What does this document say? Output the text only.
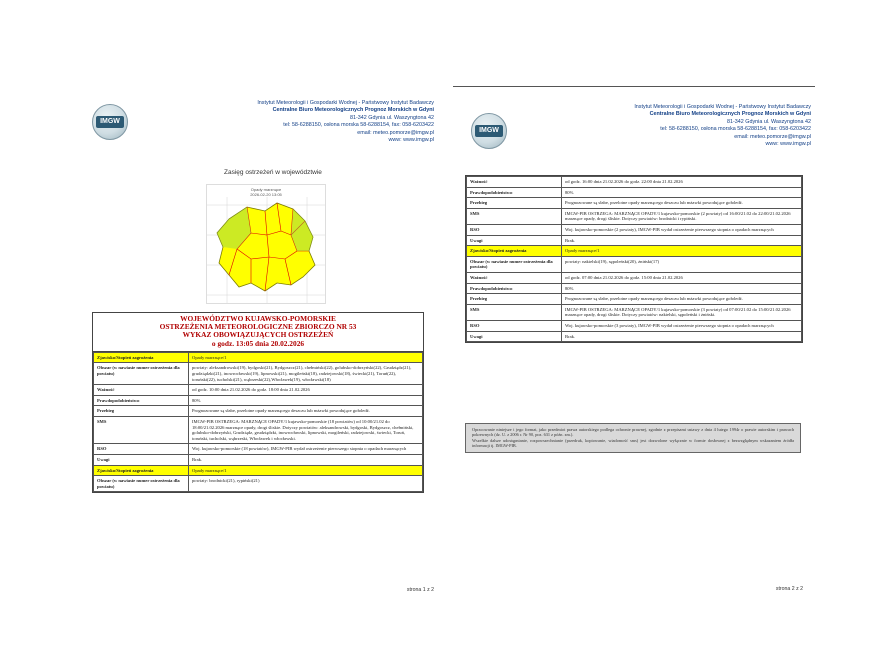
IMGW
Instytut Meteorologii i Gospodarki Wodnej - Państwowy Instytut Badawczy
Centralne Biuro Meteorologicznych Prognoz Morskich w Gdyni
81-342 Gdynia ul. Waszyngtona 42
tel: 58-6288150, osłona morska 58-6288154, fax: 058-6203422
email: meteo.pomorze@imgw.pl
www: www.imgw.pl
Zasięg ostrzeżeń w województwie
Opady marznące
2026-02-20 13:05
WOJEWÓDZTWO KUJAWSKO-POMORSKIE
OSTRZEŻENIA METEOROLOGICZNE ZBIORCZO NR 53
WYKAZ OBOWIĄZUJĄCYCH OSTRZEŻEŃ
o godz. 13:05 dnia 20.02.2026
Zjawisko/Stopień zagrożenia	Opady marznące/1
Obszar (w nawiasie numer ostrzeżenia dla powiatu)	powiaty: aleksandrowski(19), bydgoski(21), Bydgoszcz(21), chełmiński(22), golubsko-dobrzyński(22), Grudziądz(21), grudziądzki(21), inowrocławski(19), lipnowski(21), mogileński(18), radziejowski(18), świecki(21), Toruń(22), toruński(22), tucholski(21), wąbrzeski(22),Włocławek(19), włocławski(18)
Ważność	od godz. 10:00 dnia 21.02.2026 do godz. 18:00 dnia 21.02.2026
Prawdopodobieństwo	80%
Przebieg	Prognozowane są słabe, przelotne opady marznącego deszczu lub mżawki powodujące gołoledź.
SMS	IMGW-PIB OSTRZEGA: MARZNĄCE OPADY/1 kujawsko-pomorskie (18 powiatów) od 10:00/21.02 do 18:00/21.02.2026 marznące opady, drogi śliskie. Dotyczy powiatów: aleksandrowski, bydgoski, Bydgoszcz, chełmiński, golubsko-dobrzyński, Grudziądz, grudziądzki, inowrocławski, lipnowski, mogileński, radziejowski, świecki, Toruń, toruński, tucholski, wąbrzeski, Włocławek i włocławski.
RSO	Woj. kujawsko-pomorskie (18 powiatów), IMGW-PIB wydał ostrzeżenie pierwszego stopnia o opadach marznących
Uwagi	Brak.
Zjawisko/Stopień zagrożenia	Opady marznące/1
Obszar (w nawiasie numer ostrzeżenia dla powiatu)	powiaty: brodnicki(21), rypiński(21)
strona 1 z 2
IMGW
Instytut Meteorologii i Gospodarki Wodnej - Państwowy Instytut Badawczy
Centralne Biuro Meteorologicznych Prognoz Morskich w Gdyni
81-342 Gdynia ul. Waszyngtona 42
tel: 58-6288150, osłona morska 58-6288154, fax: 058-6203422
email: meteo.pomorze@imgw.pl
www: www.imgw.pl
Ważność	od godz. 16:00 dnia 21.02.2026 do godz. 22:00 dnia 21.02.2026
Prawdopodobieństwo	80%
Przebieg	Prognozowane są słabe, przelotne opady marznącego deszczu lub mżawki powodujące gołoledź.
SMS	IMGW-PIB OSTRZEGA: MARZNĄCE OPADY/1 kujawsko-pomorskie (2 powiaty) od 16:00/21.02 do 22:00/21.02.2026 marznące opady, drogi śliskie. Dotyczy powiatów: brodnicki i rypiński.
RSO	Woj. kujawsko-pomorskie (2 powiaty), IMGW-PIB wydał ostrzeżenie pierwszego stopnia o opadach marznących
Uwagi	Brak.
Zjawisko/Stopień zagrożenia	Opady marznące/1
Obszar (w nawiasie numer ostrzeżenia dla powiatu)	powiaty: nakielski(19), sępoleński(20), żniński(17)
Ważność	od godz. 07:00 dnia 21.02.2026 do godz. 15:00 dnia 21.02.2026
Prawdopodobieństwo	80%
Przebieg	Prognozowane są słabe, przelotne opady marznącego deszczu lub mżawki powodujące gołoledź.
SMS	IMGW-PIB OSTRZEGA: MARZNĄCE OPADY/1 kujawsko-pomorskie (3 powiaty) od 07:00/21.02 do 15:00/21.02.2026 marznące opady, drogi śliskie. Dotyczy powiatów: nakielski, sępoleński i żniński.
RSO	Woj. kujawsko-pomorskie (3 powiaty), IMGW-PIB wydał ostrzeżenie pierwszego stopnia o opadach marznących
Uwagi	Brak.
Opracowanie niniejsze i jego format, jako przedmiot prawa autorskiego podlega ochronie prawnej, zgodnie z przepisami ustawy z dnia 4 lutego 1994r o prawie autorskim i prawach pokrewnych (dz. U. z 2006 r. Nr 90, poz. 631 z późn. zm.).
Wszelkie dalsze udostępnianie, rozpowszechnianie (przedruk, kopiowanie, wiadomość sms) jest dozwolone wyłącznie w formie dosłownej z bezwzględnym wskazaniem źródła informacji tj. IMGW-PIB.
strona 2 z 2
